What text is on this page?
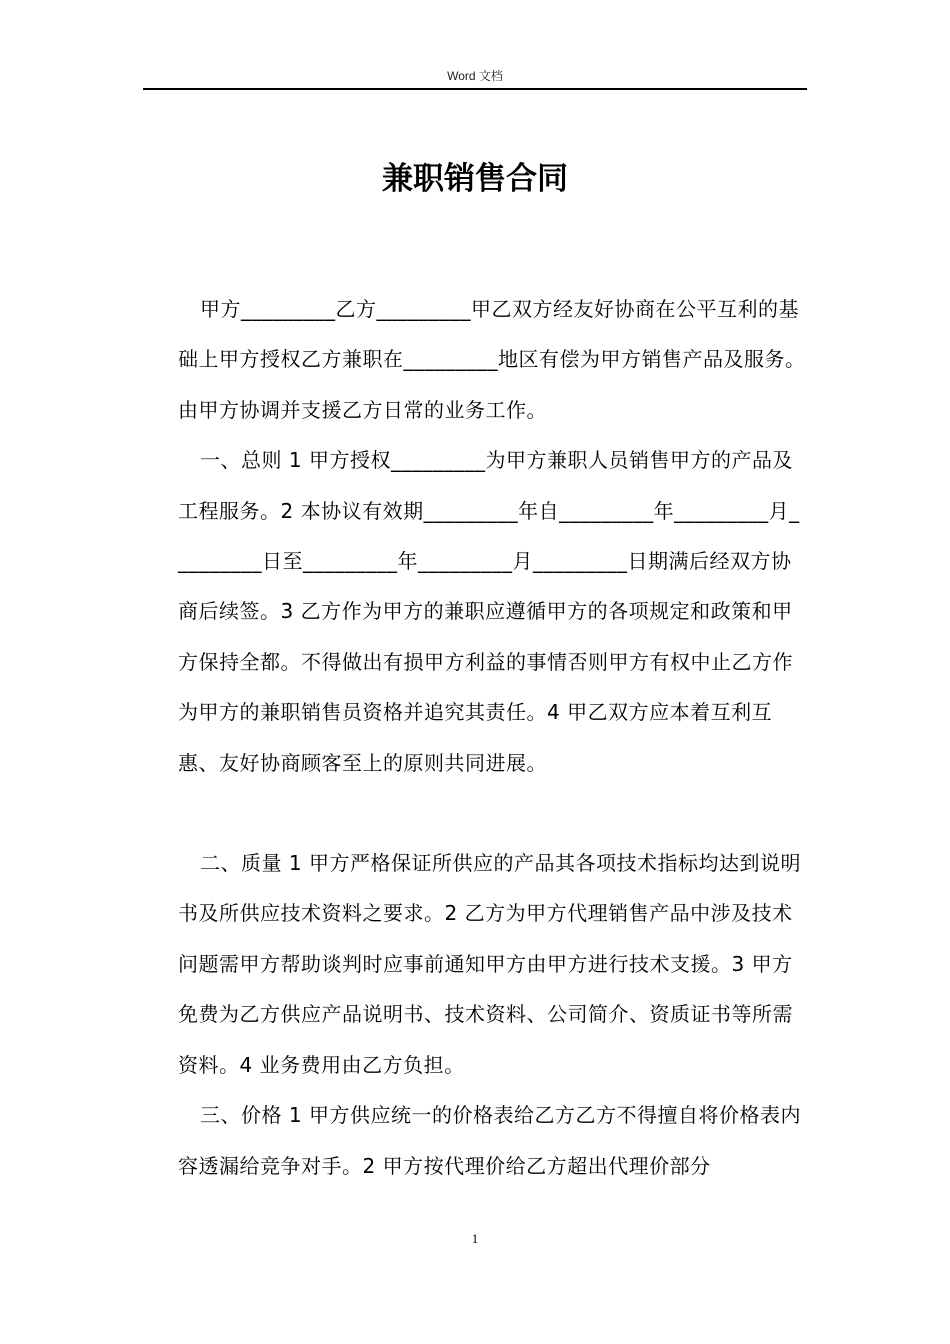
Word 文档
兼职销售合同

甲方_________乙方_________甲乙双方经友好协商在公平互利的基础上甲方授权乙方兼职在_________地区有偿为甲方销售产品及服务。由甲方协调并支援乙方日常的业务工作。

一、总则 1 甲方授权_________为甲方兼职人员销售甲方的产品及工程服务。2 本协议有效期_________年自_________年_________月_________日至_________年_________月_________日期满后经双方协商后续签。3 乙方作为甲方的兼职应遵循甲方的各项规定和政策和甲方保持全都。不得做出有损甲方利益的事情否则甲方有权中止乙方作为甲方的兼职销售员资格并追究其责任。4 甲乙双方应本着互利互惠、友好协商顾客至上的原则共同进展。

二、质量 1 甲方严格保证所供应的产品其各项技术指标均达到说明书及所供应技术资料之要求。2 乙方为甲方代理销售产品中涉及技术问题需甲方帮助谈判时应事前通知甲方由甲方进行技术支援。3 甲方免费为乙方供应产品说明书、技术资料、公司简介、资质证书等所需资料。4 业务费用由乙方负担。

三、价格 1 甲方供应统一的价格表给乙方乙方不得擅自将价格表内容透漏给竞争对手。2 甲方按代理价给乙方超出代理价部分

1
